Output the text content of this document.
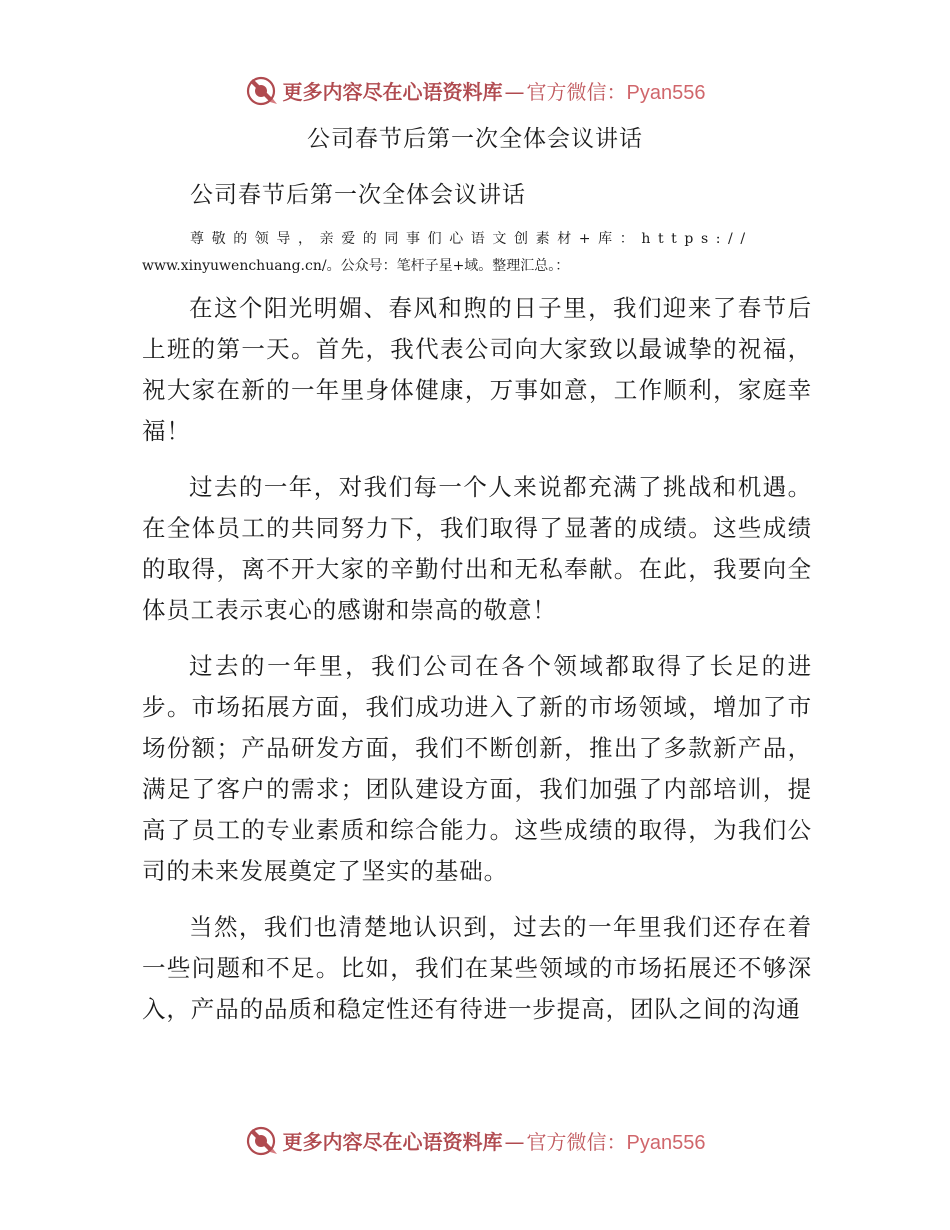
更多内容尽在心语资料库 — 官方微信：Pyan556
公司春节后第一次全体会议讲话
公司春节后第一次全体会议讲话
尊敬的领导，亲爱的同事们心语文创素材+库：https://
www.xinyuwenchuang.cn/。公众号：笔杆子星+域。整理汇总。：

在这个阳光明媚、春风和煦的日子里，我们迎来了春节后上班的第一天。首先，我代表公司向大家致以最诚挚的祝福，祝大家在新的一年里身体健康，万事如意，工作顺利，家庭幸福！

过去的一年，对我们每一个人来说都充满了挑战和机遇。在全体员工的共同努力下，我们取得了显著的成绩。这些成绩的取得，离不开大家的辛勤付出和无私奉献。在此，我要向全体员工表示衷心的感谢和崇高的敬意！

过去的一年里，我们公司在各个领域都取得了长足的进步。市场拓展方面，我们成功进入了新的市场领域，增加了市场份额；产品研发方面，我们不断创新，推出了多款新产品，满足了客户的需求；团队建设方面，我们加强了内部培训，提高了员工的专业素质和综合能力。这些成绩的取得，为我们公司的未来发展奠定了坚实的基础。

当然，我们也清楚地认识到，过去的一年里我们还存在着一些问题和不足。比如，我们在某些领域的市场拓展还不够深入，产品的品质和稳定性还有待进一步提高，团队之间的沟通

更多内容尽在心语资料库 — 官方微信：Pyan556
